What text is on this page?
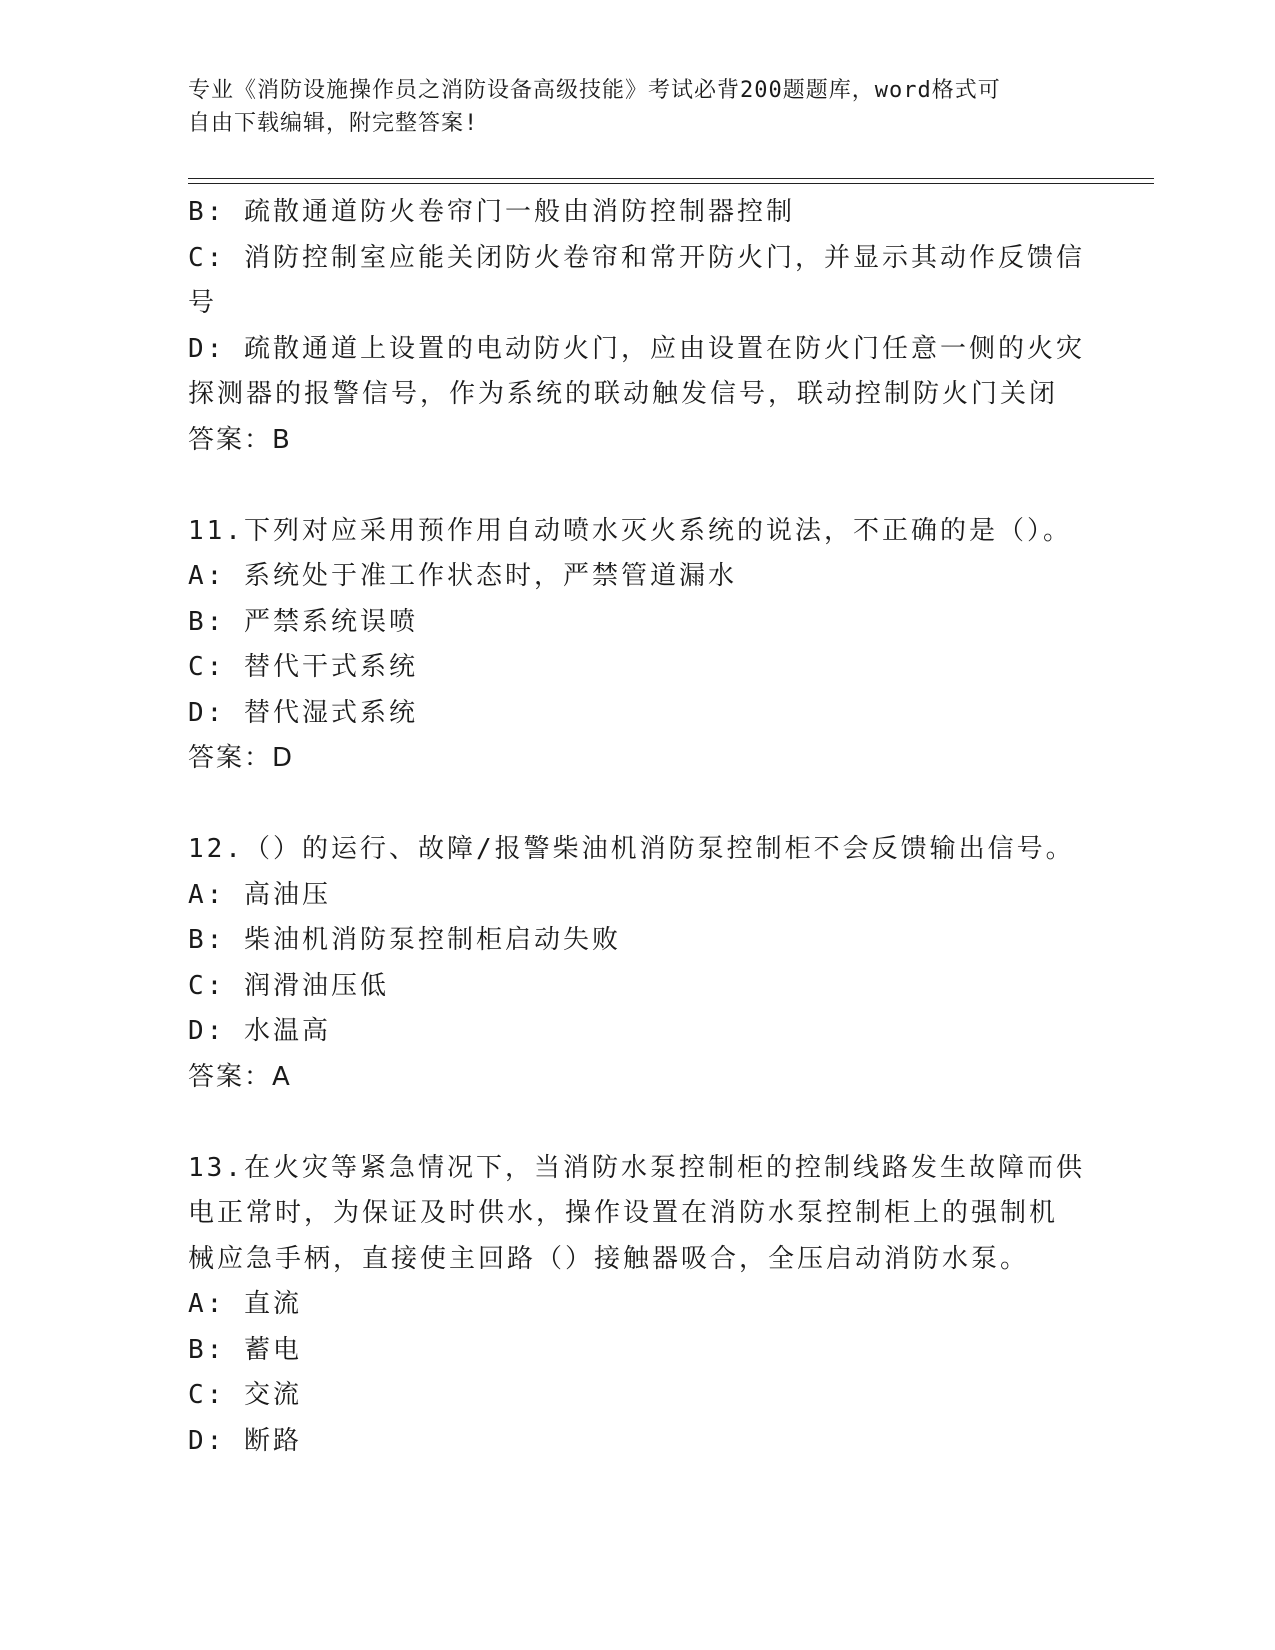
专业《消防设施操作员之消防设备高级技能》考试必背200题题库，word格式可
自由下载编辑，附完整答案!

B: 疏散通道防火卷帘门一般由消防控制器控制

C: 消防控制室应能关闭防火卷帘和常开防火门，并显示其动作反馈信

号

D: 疏散通道上设置的电动防火门，应由设置在防火门任意一侧的火灾

探测器的报警信号，作为系统的联动触发信号，联动控制防火门关闭

答案：B

11.下列对应采用预作用自动喷水灭火系统的说法，不正确的是（）。

A: 系统处于准工作状态时，严禁管道漏水

B: 严禁系统误喷

C: 替代干式系统

D: 替代湿式系统

答案：D

12.（）的运行、故障/报警柴油机消防泵控制柜不会反馈输出信号。

A: 高油压

B: 柴油机消防泵控制柜启动失败

C: 润滑油压低

D: 水温高

答案：A

13.在火灾等紧急情况下，当消防水泵控制柜的控制线路发生故障而供

电正常时，为保证及时供水，操作设置在消防水泵控制柜上的强制机

械应急手柄，直接使主回路（）接触器吸合，全压启动消防水泵。

A: 直流

B: 蓄电

C: 交流

D: 断路
